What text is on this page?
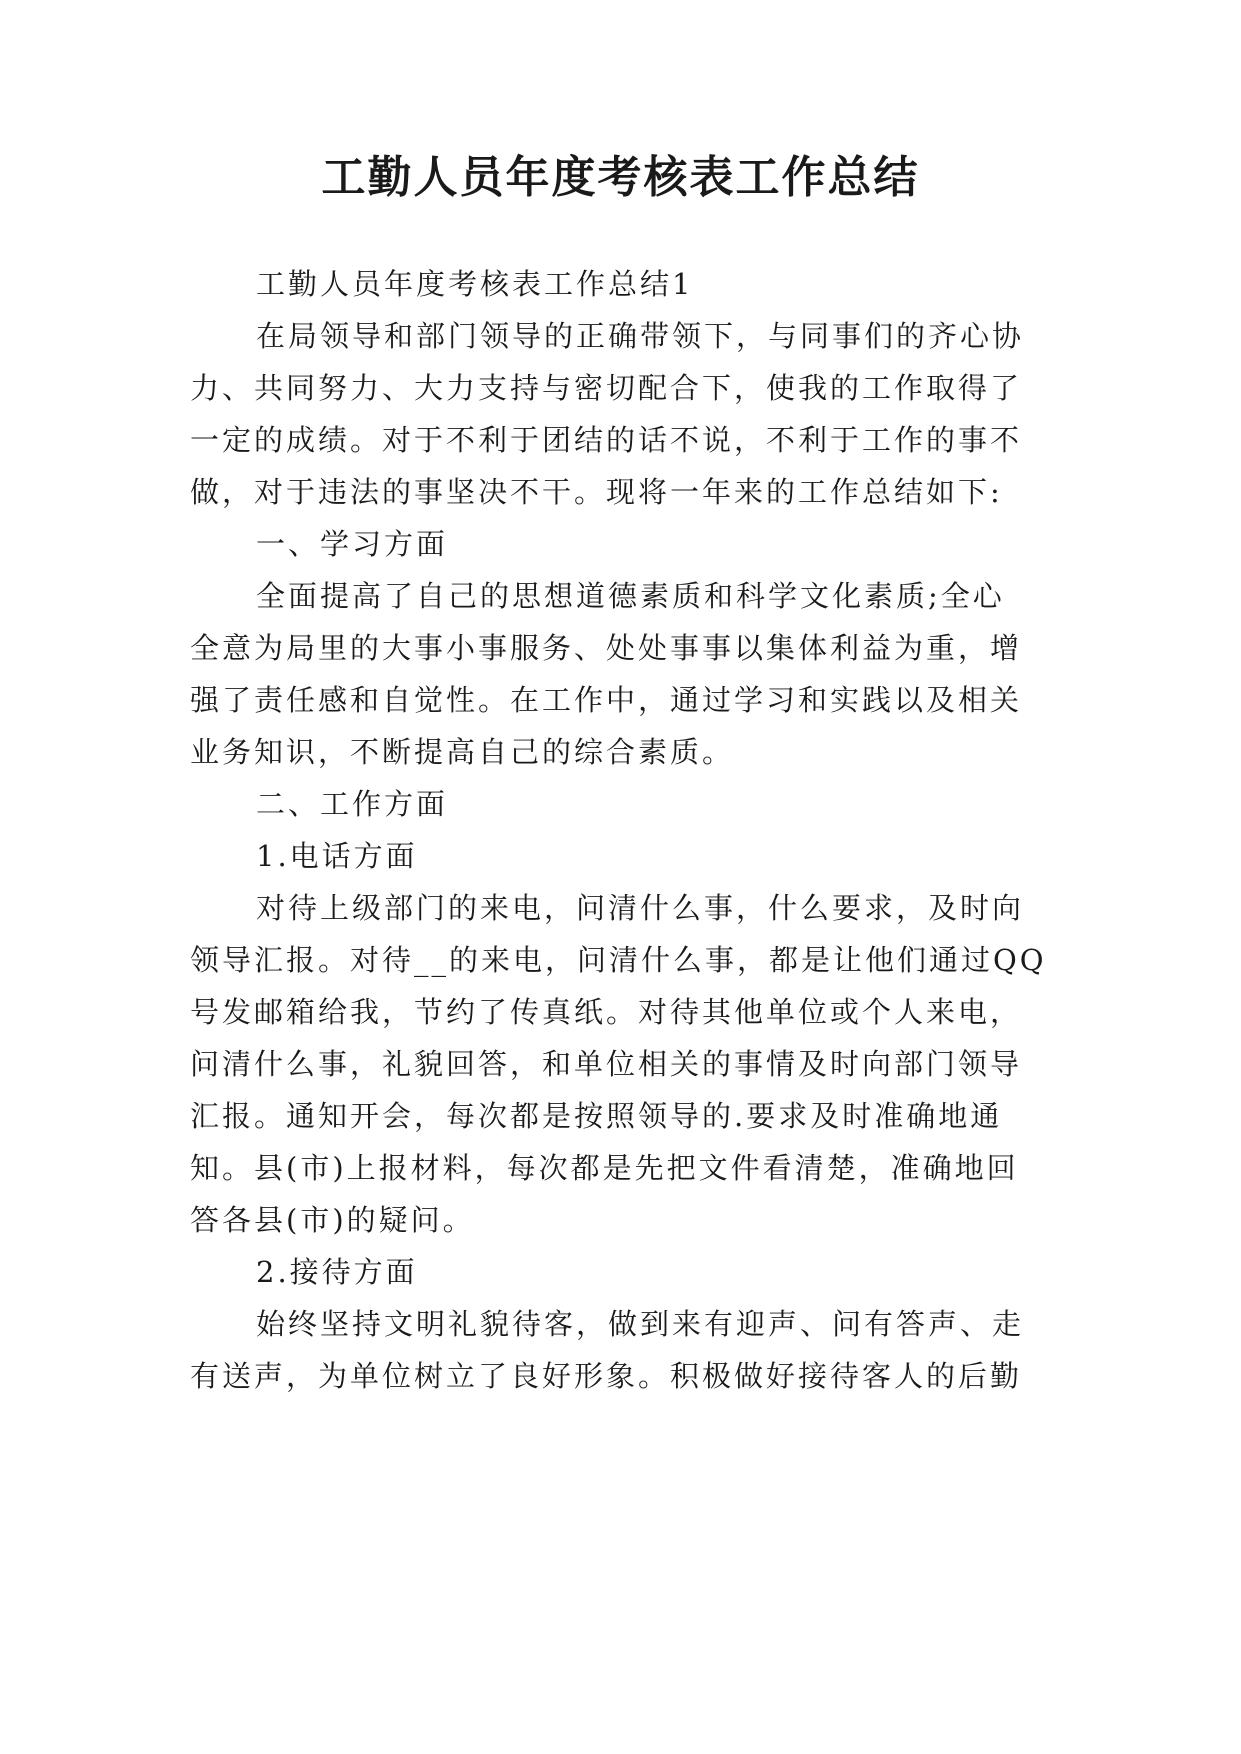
工勤人员年度考核表工作总结
工勤人员年度考核表工作总结1
在局领导和部门领导的正确带领下，与同事们的齐心协
力、共同努力、大力支持与密切配合下，使我的工作取得了
一定的成绩。对于不利于团结的话不说，不利于工作的事不
做，对于违法的事坚决不干。现将一年来的工作总结如下:
一、学习方面
全面提高了自己的思想道德素质和科学文化素质;全心
全意为局里的大事小事服务、处处事事以集体利益为重，增
强了责任感和自觉性。在工作中，通过学习和实践以及相关
业务知识，不断提高自己的综合素质。
二、工作方面
1.电话方面
对待上级部门的来电，问清什么事，什么要求，及时向
领导汇报。对待__的来电，问清什么事，都是让他们通过QQ
号发邮箱给我，节约了传真纸。对待其他单位或个人来电，
问清什么事，礼貌回答，和单位相关的事情及时向部门领导
汇报。通知开会，每次都是按照领导的.要求及时准确地通
知。县(市)上报材料，每次都是先把文件看清楚，准确地回
答各县(市)的疑问。
2.接待方面
始终坚持文明礼貌待客，做到来有迎声、问有答声、走
有送声，为单位树立了良好形象。积极做好接待客人的后勤
